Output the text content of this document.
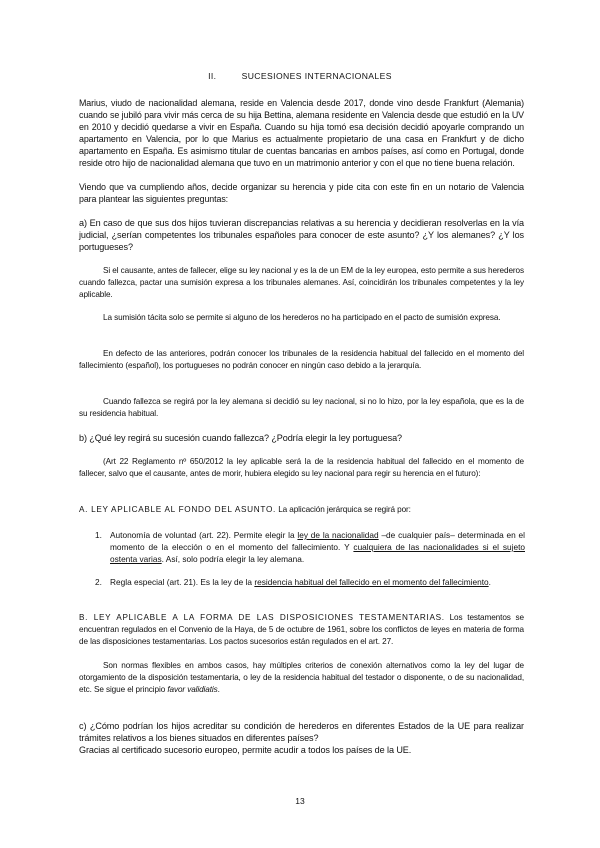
II.	SUCESIONES INTERNACIONALES

Marius, viudo de nacionalidad alemana, reside en Valencia desde 2017, donde vino desde Frankfurt (Alemania) cuando se jubiló para vivir más cerca de su hija Bettina, alemana residente en Valencia desde que estudió en la UV en 2010 y decidió quedarse a vivir en España. Cuando su hija tomó esa decisión decidió apoyarle comprando un apartamento en Valencia, por lo que Marius es actualmente propietario de una casa en Frankfurt y de dicho apartamento en España. Es asimismo titular de cuentas bancarias en ambos países, así como en Portugal, donde reside otro hijo de nacionalidad alemana que tuvo en un matrimonio anterior y con el que no tiene buena relación.

Viendo que va cumpliendo años, decide organizar su herencia y pide cita con este fin en un notario de Valencia para plantear las siguientes preguntas:

a) En caso de que sus dos hijos tuvieran discrepancias relativas a su herencia y decidieran resolverlas en la vía judicial, ¿serían competentes los tribunales españoles para conocer de este asunto? ¿Y los alemanes? ¿Y los portugueses?

Si el causante, antes de fallecer, elige su ley nacional y es la de un EM de la ley europea, esto permite a sus herederos cuando fallezca, pactar una sumisión expresa a los tribunales alemanes. Así, coincidirán los tribunales competentes y la ley aplicable.

La sumisión tácita solo se permite si alguno de los herederos no ha participado en el pacto de sumisión expresa.

En defecto de las anteriores, podrán conocer los tribunales de la residencia habitual del fallecido en el momento del fallecimiento (español), los portugueses no podrán conocer en ningún caso debido a la jerarquía.

Cuando fallezca se regirá por la ley alemana si decidió su ley nacional, si no lo hizo, por la ley española, que es la de su residencia habitual.

b) ¿Qué ley regirá su sucesión cuando fallezca? ¿Podría elegir la ley portuguesa?

(Art 22 Reglamento nº 650/2012 la ley aplicable será la de la residencia habitual del fallecido en el momento de fallecer, salvo que el causante, antes de morir, hubiera elegido su ley nacional para regir su herencia en el futuro):

A. LEY APLICABLE AL FONDO DEL ASUNTO. La aplicación jerárquica se regirá por:

1. Autonomía de voluntad (art. 22). Permite elegir la ley de la nacionalidad –de cualquier país– determinada en el momento de la elección o en el momento del fallecimiento. Y cualquiera de las nacionalidades si el sujeto ostenta varias. Así, solo podría elegir la ley alemana.
2. Regla especial (art. 21). Es la ley de la residencia habitual del fallecido en el momento del fallecimiento.

B. LEY APLICABLE A LA FORMA DE LAS DISPOSICIONES TESTAMENTARIAS. Los testamentos se encuentran regulados en el Convenio de la Haya, de 5 de octubre de 1961, sobre los conflictos de leyes en materia de forma de las disposiciones testamentarias. Los pactos sucesorios están regulados en el art. 27.

Son normas flexibles en ambos casos, hay múltiples criterios de conexión alternativos como la ley del lugar de otorgamiento de la disposición testamentaria, o ley de la residencia habitual del testador o disponente, o de su nacionalidad, etc. Se sigue el principio favor validiatis.

c) ¿Cómo podrían los hijos acreditar su condición de herederos en diferentes Estados de la UE para realizar trámites relativos a los bienes situados en diferentes países?

Gracias al certificado sucesorio europeo, permite acudir a todos los países de la UE.

13
